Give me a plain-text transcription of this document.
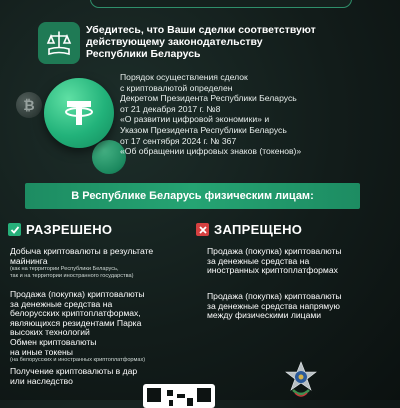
Убедитесь, что Ваши сделки соответствуют
действующему законодательству
Республики Беларусь
₿
Порядок осуществления сделок
с криптовалютой определен
Декретом Президента Республики Беларусь
от 21 декабря 2017 г. №8
«О развитии цифровой экономики» и
Указом Президента Республики Беларусь
от 17 сентября 2024 г. № 367
«Об обращении цифровых знаков (токенов)»
В Республике Беларусь физическим лицам:
РАЗРЕШЕНО	ЗАПРЕЩЕНО
Добыча криптовалюты в результате
майнинга
(как на территории Республики Беларусь,
так и на территории иностранного государства)
Продажа (покупка) криптовалюты
за денежные средства на
белорусских криптоплатформах,
являющихся резидентами Парка
высоких технологий
Обмен криптовалюты
на иные токены
(на белорусских и иностранных криптоплатформах)
Получение криптовалюты в дар
или наследство
Продажа (покупка) криптовалюты
за денежные средства на
иностранных криптоплатформах
Продажа (покупка) криптовалюты
за денежные средства напрямую
между физическими лицами
